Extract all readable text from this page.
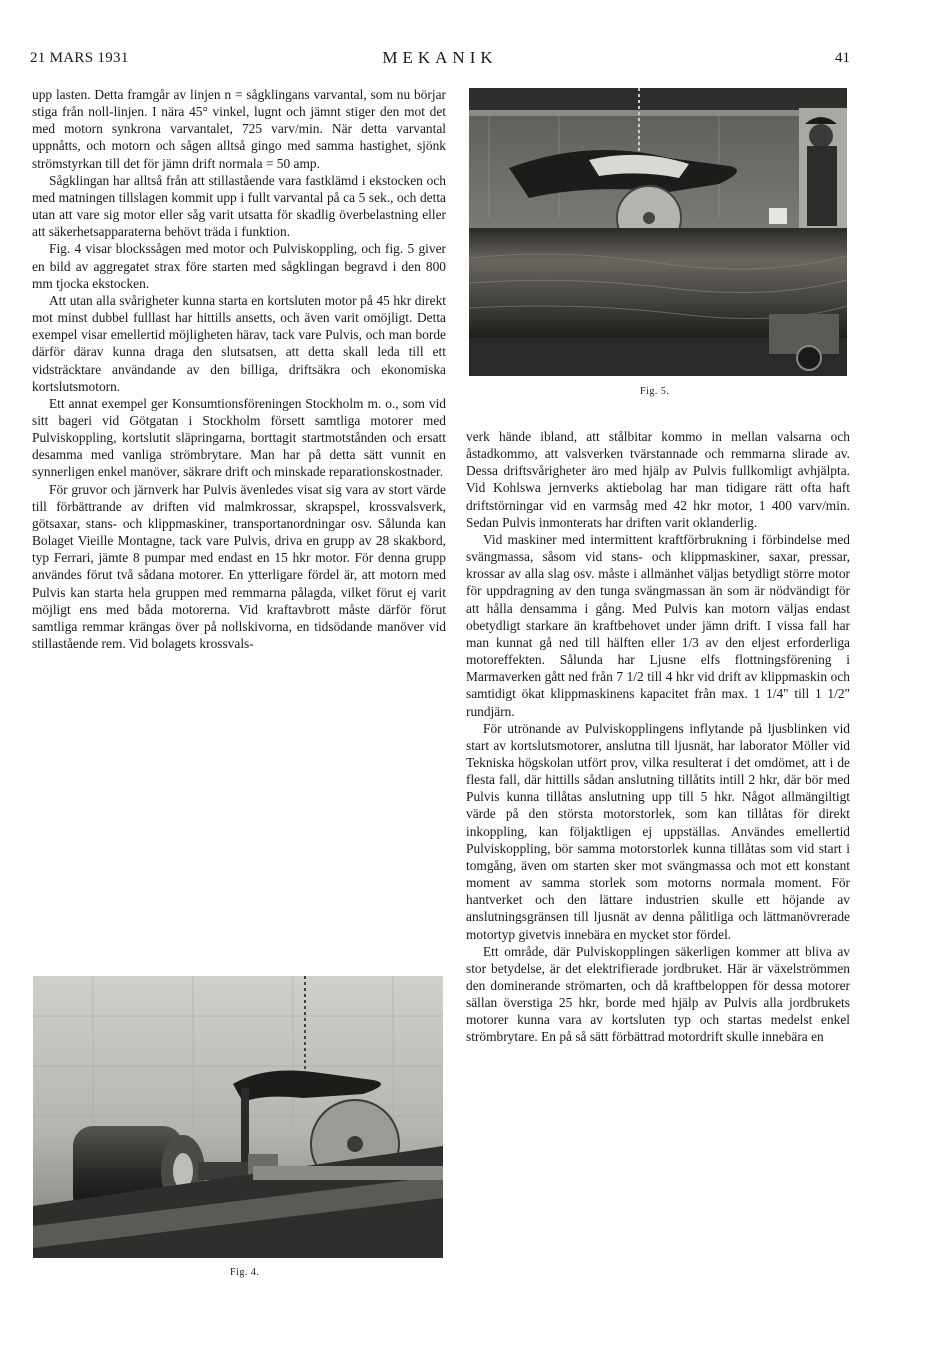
21 MARS 1931	MEKANIK	41
Fig. 5.

upp lasten. Detta framgår av linjen n = sågklingans varvantal, som nu börjar stiga från noll-linjen. I nära 45° vinkel, lugnt och jämnt stiger den mot det med motorn synkrona varvantalet, 725 varv/min. När detta varvantal uppnåtts, och motorn och sågen alltså gingo med samma hastighet, sjönk strömstyrkan till det för jämn drift normala = 50 amp.

Sågklingan har alltså från att stillastående vara fastklämd i ekstocken och med matningen tillslagen kommit upp i fullt varvantal på ca 5 sek., och detta utan att vare sig motor eller såg varit utsatta för skadlig överbelastning eller att säkerhetsapparaterna behövt träda i funktion.

Fig. 4 visar blockssågen med motor och Pulviskoppling, och fig. 5 giver en bild av aggregatet strax före starten med sågklingan begravd i den 800 mm tjocka ekstocken.

Att utan alla svårigheter kunna starta en kortsluten motor på 45 hkr direkt mot minst dubbel fulllast har hittills ansetts, och även varit omöjligt. Detta exempel visar emellertid möjligheten härav, tack vare Pulvis, och man borde därför därav kunna draga den slutsatsen, att detta skall leda till ett vidsträcktare användande av den billiga, driftsäkra och ekonomiska kortslutsmotorn.

Ett annat exempel ger Konsumtionsföreningen Stockholm m. o., som vid sitt bageri vid Götgatan i Stockholm försett samtliga motorer med Pulviskoppling, kortslutit släpringarna, borttagit startmotstånden och ersatt desamma med vanliga strömbrytare. Man har på detta sätt vunnit en synnerligen enkel manöver, säkrare drift och minskade reparationskostnader.

För gruvor och järnverk har Pulvis ävenledes visat sig vara av stort värde till förbättrande av driften vid malmkrossar, skrapspel, krossvalsverk, götsaxar, stans- och klippmaskiner, transportanordningar osv. Sålunda kan Bolaget Vieille Montagne, tack vare Pulvis, driva en grupp av 28 skakbord, typ Ferrari, jämte 8 pumpar med endast en 15 hkr motor. För denna grupp användes förut två sådana motorer. En ytterligare fördel är, att motorn med Pulvis kan starta hela gruppen med remmarna pålagda, vilket förut ej varit möjligt ens med båda motorerna. Vid kraftavbrott måste därför förut samtliga remmar krängas över på nollskivorna, en tidsödande manöver vid stillastående rem. Vid bolagets krossvals-

verk hände ibland, att stålbitar kommo in mellan valsarna och åstadkommo, att valsverken tvärstannade och remmarna slirade av. Dessa driftsvårigheter äro med hjälp av Pulvis fullkomligt avhjälpta. Vid Kohlswa jernverks aktiebolag har man tidigare rätt ofta haft driftstörningar vid en varmsåg med 42 hkr motor, 1 400 varv/min. Sedan Pulvis inmonterats har driften varit oklanderlig.

Vid maskiner med intermittent kraftförbrukning i förbindelse med svängmassa, såsom vid stans- och klippmaskiner, saxar, pressar, krossar av alla slag osv. måste i allmänhet väljas betydligt större motor för uppdragning av den tunga svängmassan än som är nödvändigt för att hålla densamma i gång. Med Pulvis kan motorn väljas endast obetydligt starkare än kraftbehovet under jämn drift. I vissa fall har man kunnat gå ned till hälften eller 1/3 av den eljest erforderliga motoreffekten. Sålunda har Ljusne elfs flottningsförening i Marmaverken gått ned från 7 1/2 till 4 hkr vid drift av klippmaskin och samtidigt ökat klippmaskinens kapacitet från max. 1 1/4" till 1 1/2" rundjärn.

För utrönande av Pulviskopplingens inflytande på ljusblinken vid start av kortslutsmotorer, anslutna till ljusnät, har laborator Möller vid Tekniska högskolan utfört prov, vilka resulterat i det omdömet, att i de flesta fall, där hittills sådan anslutning tillåtits intill 2 hkr, där bör med Pulvis kunna tillåtas anslutning upp till 5 hkr. Något allmängiltigt värde på den största motorstorlek, som kan tillåtas för direkt inkoppling, kan följaktligen ej uppställas. Användes emellertid Pulviskoppling, bör samma motorstorlek kunna tillåtas som vid start i tomgång, även om starten sker mot svängmassa och mot ett konstant moment av samma storlek som motorns normala moment. För hantverket och den lättare industrien skulle ett höjande av anslutningsgränsen till ljusnät av denna pålitliga och lättmanövrerade motortyp givetvis innebära en mycket stor fördel.

Ett område, där Pulviskopplingen säkerligen kommer att bliva av stor betydelse, är det elektrifierade jordbruket. Här är växelströmmen den dominerande strömarten, och då kraftbeloppen för dessa motorer sällan överstiga 25 hkr, borde med hjälp av Pulvis alla jordbrukets motorer kunna vara av kortsluten typ och startas medelst enkel strömbrytare. En på så sätt förbättrad motordrift skulle innebära en

Fig. 4.
